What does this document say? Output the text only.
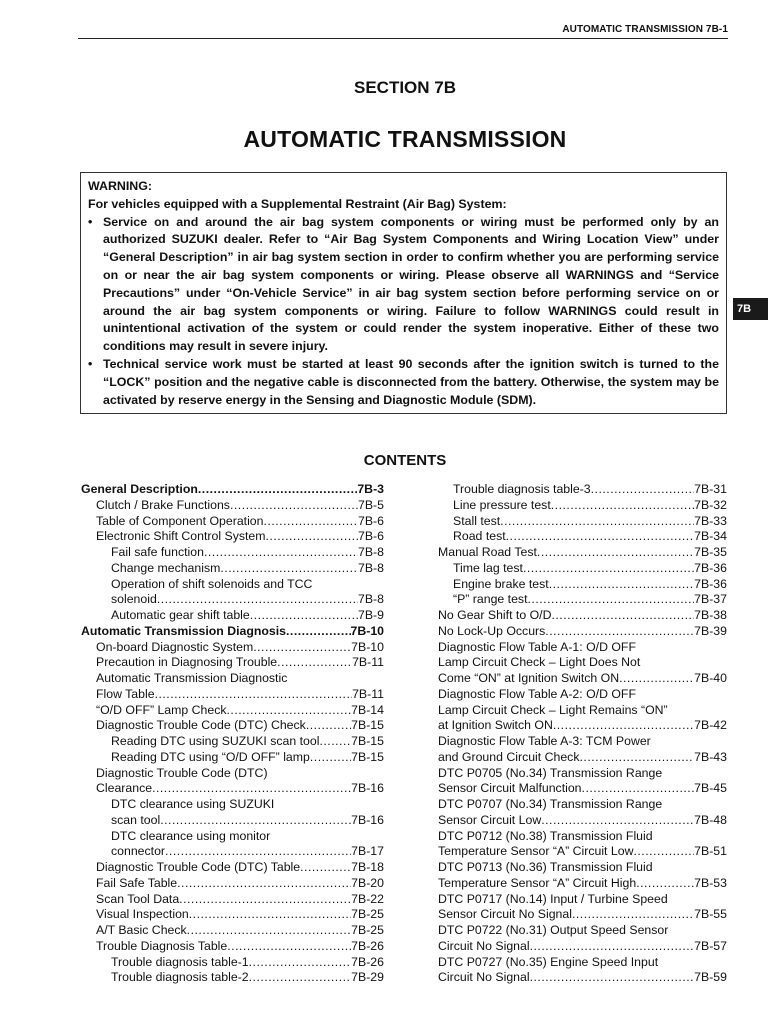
AUTOMATIC TRANSMISSION 7B-1
SECTION 7B
AUTOMATIC TRANSMISSION

WARNING:

For vehicles equipped with a Supplemental Restraint (Air Bag) System:

• Service on and around the air bag system components or wiring must be performed only by an authorized SUZUKI dealer. Refer to “Air Bag System Components and Wiring Location View” under “General Description” in air bag system section in order to confirm whether you are performing service on or near the air bag system components or wiring. Please observe all WARNINGS and “Service Precautions” under “On-Vehicle Service” in air bag system section before performing service on or around the air bag system components or wiring. Failure to follow WARNINGS could result in unintentional activation of the system or could render the system inoperative. Either of these two conditions may result in severe injury.
• Technical service work must be started at least 90 seconds after the ignition switch is turned to the “LOCK” position and the negative cable is disconnected from the battery. Otherwise, the system may be activated by reserve energy in the Sensing and Diagnostic Module (SDM).
7B
CONTENTS
General Description .....	7B-3
Clutch / Brake Functions .....	7B-5
Table of Component Operation .....	7B-6
Electronic Shift Control System .....	7B-6
Fail safe function .....	7B-8
Change mechanism .....	7B-8
Operation of shift solenoids and TCC
solenoid .....	7B-8
Automatic gear shift table .....	7B-9
Automatic Transmission Diagnosis .....	7B-10
On-board Diagnostic System .....	7B-10
Precaution in Diagnosing Trouble .....	7B-11
Automatic Transmission Diagnostic
Flow Table .....	7B-11
“O/D OFF” Lamp Check .....	7B-14
Diagnostic Trouble Code (DTC) Check .....	7B-15
Reading DTC using SUZUKI scan tool .....	7B-15
Reading DTC using “O/D OFF” lamp .....	7B-15
Diagnostic Trouble Code (DTC)
Clearance .....	7B-16
DTC clearance using SUZUKI
scan tool .....	7B-16
DTC clearance using monitor
connector .....	7B-17
Diagnostic Trouble Code (DTC) Table .....	7B-18
Fail Safe Table .....	7B-20
Scan Tool Data .....	7B-22
Visual Inspection .....	7B-25
A/T Basic Check .....	7B-25
Trouble Diagnosis Table .....	7B-26
Trouble diagnosis table-1 .....	7B-26
Trouble diagnosis table-2 .....	7B-29
Trouble diagnosis table-3 .....	7B-31
Line pressure test .....	7B-32
Stall test .....	7B-33
Road test .....	7B-34
Manual Road Test .....	7B-35
Time lag test .....	7B-36
Engine brake test .....	7B-36
“P” range test .....	7B-37
No Gear Shift to O/D .....	7B-38
No Lock-Up Occurs .....	7B-39
Diagnostic Flow Table A-1: O/D OFF
Lamp Circuit Check – Light Does Not
Come “ON” at Ignition Switch ON .....	7B-40
Diagnostic Flow Table A-2: O/D OFF
Lamp Circuit Check – Light Remains “ON”
at Ignition Switch ON .....	7B-42
Diagnostic Flow Table A-3: TCM Power
and Ground Circuit Check .....	7B-43
DTC P0705 (No.34) Transmission Range
Sensor Circuit Malfunction .....	7B-45
DTC P0707 (No.34) Transmission Range
Sensor Circuit Low .....	7B-48
DTC P0712 (No.38) Transmission Fluid
Temperature Sensor “A” Circuit Low .....	7B-51
DTC P0713 (No.36) Transmission Fluid
Temperature Sensor “A” Circuit High .....	7B-53
DTC P0717 (No.14) Input / Turbine Speed
Sensor Circuit No Signal .....	7B-55
DTC P0722 (No.31) Output Speed Sensor
Circuit No Signal .....	7B-57
DTC P0727 (No.35) Engine Speed Input
Circuit No Signal .....	7B-59
